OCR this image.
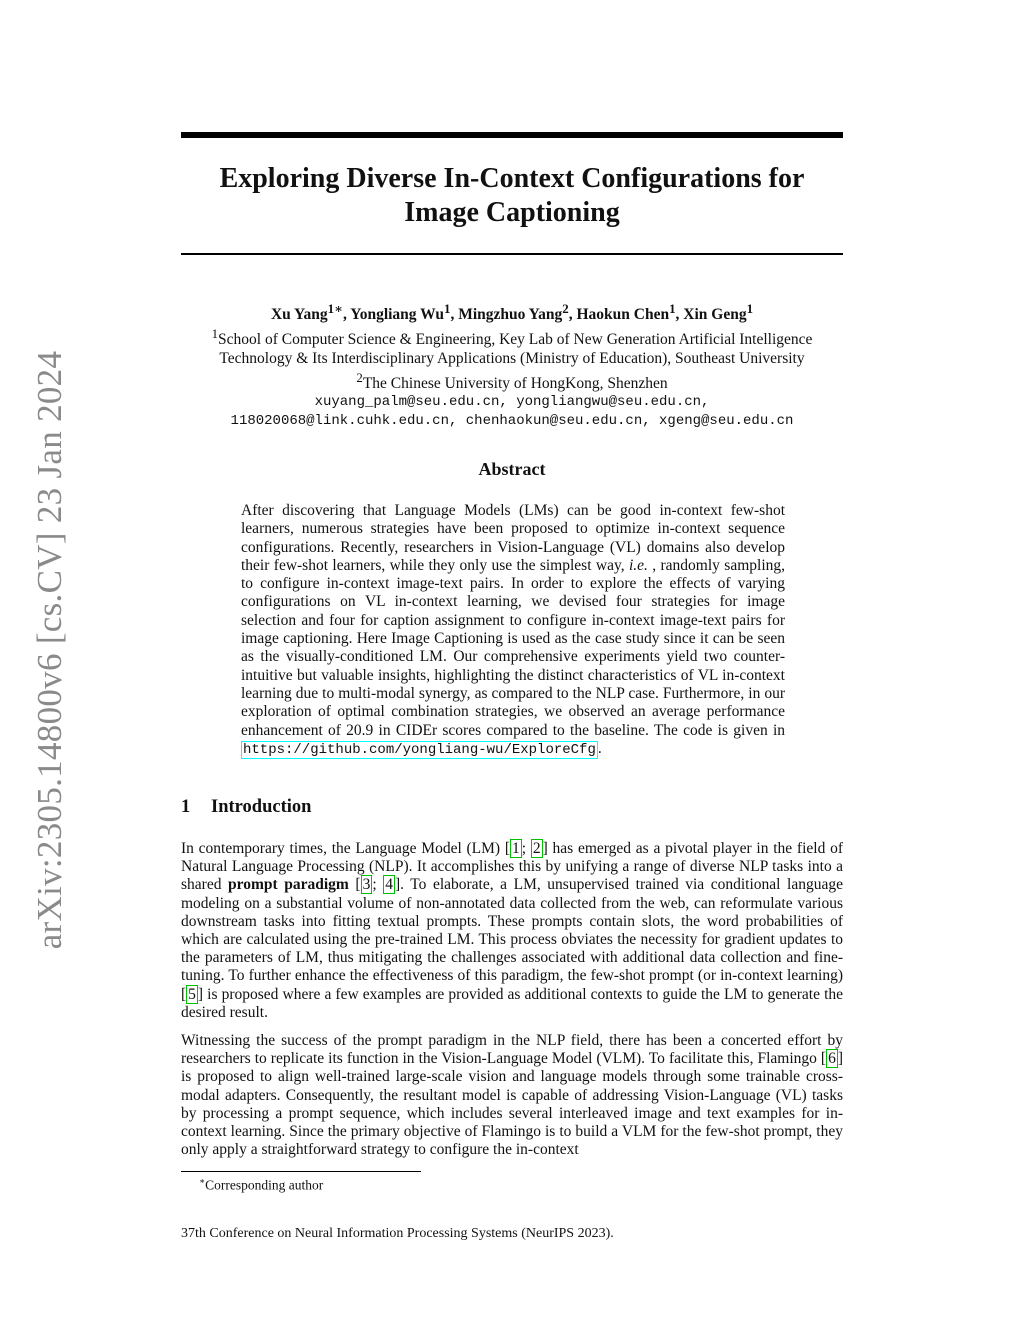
arXiv:2305.14800v6 [cs.CV] 23 Jan 2024
Exploring Diverse In-Context Configurations for
Image Captioning
Xu Yang$^{1∗}$, Yongliang Wu$^1$, Mingzhuo Yang$^2$, Haokun Chen$^1$, Xin Geng$^1$
$^1$School of Computer Science & Engineering, Key Lab of New Generation Artificial Intelligence
Technology & Its Interdisciplinary Applications (Ministry of Education), Southeast University
$^2$The Chinese University of HongKong, Shenzhen
xuyang_palm@seu.edu.cn, yongliangwu@seu.edu.cn,
118020068@link.cuhk.edu.cn, chenhaokun@seu.edu.cn, xgeng@seu.edu.cn
Abstract

After discovering that Language Models (LMs) can be good in-context few-shot learners, numerous strategies have been proposed to optimize in-context sequence configurations. Recently, researchers in Vision-Language (VL) domains also develop their few-shot learners, while they only use the simplest way, i.e. , randomly sampling, to configure in-context image-text pairs. In order to explore the effects of varying configurations on VL in-context learning, we devised four strategies for image selection and four for caption assignment to configure in-context image-text pairs for image captioning. Here Image Captioning is used as the case study since it can be seen as the visually-conditioned LM. Our comprehensive experiments yield two counter-intuitive but valuable insights, highlighting the distinct characteristics of VL in-context learning due to multi-modal synergy, as compared to the NLP case. Furthermore, in our exploration of optimal combination strategies, we observed an average performance enhancement of 20.9 in CIDEr scores compared to the baseline. The code is given in https://github.com/yongliang-wu/ExploreCfg .

1 Introduction

In contemporary times, the Language Model (LM) [ 1 ; 2 ] has emerged as a pivotal player in the field of Natural Language Processing (NLP). It accomplishes this by unifying a range of diverse NLP tasks into a shared prompt paradigm [ 3 ; 4 ]. To elaborate, a LM, unsupervised trained via conditional language modeling on a substantial volume of non-annotated data collected from the web, can reformulate various downstream tasks into fitting textual prompts. These prompts contain slots, the word probabilities of which are calculated using the pre-trained LM. This process obviates the necessity for gradient updates to the parameters of LM, thus mitigating the challenges associated with additional data collection and fine-tuning. To further enhance the effectiveness of this paradigm, the few-shot prompt (or in-context learning) [ 5 ] is proposed where a few examples are provided as additional contexts to guide the LM to generate the desired result.

Witnessing the success of the prompt paradigm in the NLP field, there has been a concerted effort by researchers to replicate its function in the Vision-Language Model (VLM). To facilitate this, Flamingo [ 6 ] is proposed to align well-trained large-scale vision and language models through some trainable cross-modal adapters. Consequently, the resultant model is capable of addressing Vision-Language (VL) tasks by processing a prompt sequence, which includes several interleaved image and text examples for in-context learning. Since the primary objective of Flamingo is to build a VLM for the few-shot prompt, they only apply a straightforward strategy to configure the in-context

∗Corresponding author
37th Conference on Neural Information Processing Systems (NeurIPS 2023).
